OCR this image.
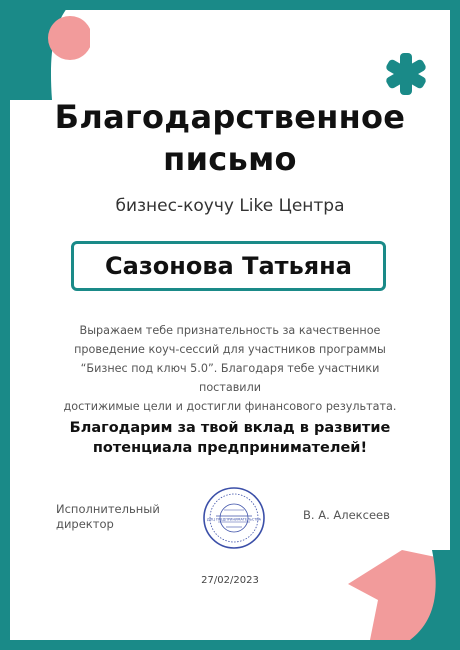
Благодарственное
письмо
бизнес-коучу Like Центра
Сазонова Татьяна
Выражаем тебе признательность за качественное
проведение коуч-сессий для участников программы
“Бизнес под ключ 5.0”. Благодаря тебе участники поставили
достижимые цели и достигли финансового результата.
Благодарим за твой вклад в развитие
потенциала предпринимателей!
Исполнительный
директор	ДПЦ ПРЕДПРИНИМАТЕЛЬСТВА	В. А. Алексеев
27/02/2023
